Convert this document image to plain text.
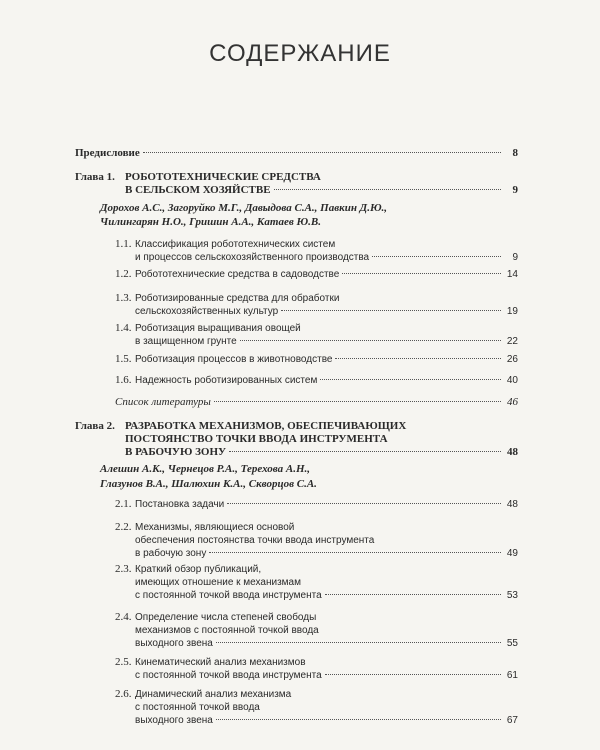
СОДЕРЖАНИЕ
Предисловие	8
Глава 1. РОБОТОТЕХНИЧЕСКИЕ СРЕДСТВА
В СЕЛЬСКОМ ХОЗЯЙСТВЕ	9
Дорохов А.С., Загоруйко М.Г., Давыдова С.А., Павкин Д.Ю.,
Чилингарян Н.О., Гришин А.А., Катаев Ю.В.
1.1. Классификация робототехнических систем
и процессов сельскохозяйственного производства	9
1.2. Робототехнические средства в садоводстве	14
1.3. Роботизированные средства для обработки
сельскохозяйственных культур	19
1.4. Роботизация выращивания овощей
в защищенном грунте	22
1.5. Роботизация процессов в животноводстве	26
1.6. Надежность роботизированных систем	40
Список литературы	46
Глава 2. РАЗРАБОТКА МЕХАНИЗМОВ, ОБЕСПЕЧИВАЮЩИХ
ПОСТОЯНСТВО ТОЧКИ ВВОДА ИНСТРУМЕНТА
В РАБОЧУЮ ЗОНУ	48
Алешин А.К., Чернецов Р.А., Терехова А.Н.,
Глазунов В.А., Шалюхин К.А., Скворцов С.А.
2.1. Постановка задачи	48
2.2. Механизмы, являющиеся основой
обеспечения постоянства точки ввода инструмента
в рабочую зону	49
2.3. Краткий обзор публикаций,
имеющих отношение к механизмам
с постоянной точкой ввода инструмента	53
2.4. Определение числа степеней свободы
механизмов с постоянной точкой ввода
выходного звена	55
2.5. Кинематический анализ механизмов
с постоянной точкой ввода инструмента	61
2.6. Динамический анализ механизма
с постоянной точкой ввода
выходного звена	67
